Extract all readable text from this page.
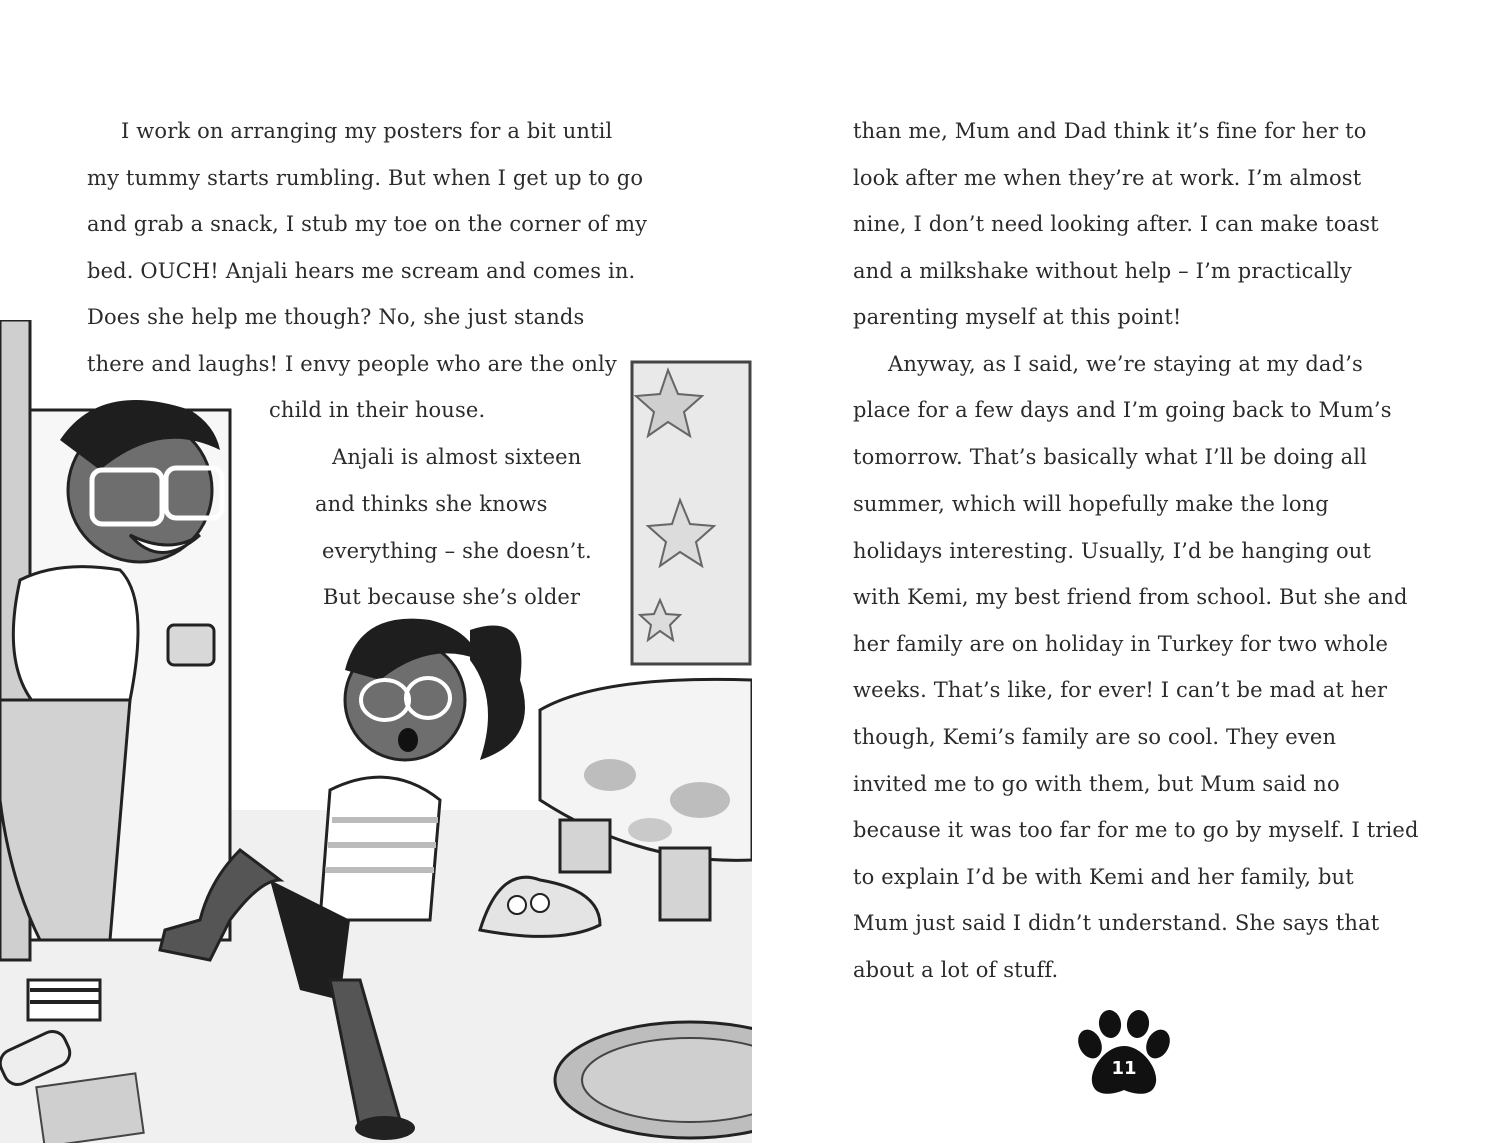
I work on arranging my posters for a bit until
my tummy starts rumbling. But when I get up to go
and grab a snack, I stub my toe on the corner of my
bed. OUCH! Anjali hears me scream and comes in.
Does she help me though? No, she just stands
there and laughs! I envy people who are the only
child in their house.
Anjali is almost sixteen
and thinks she knows
everything – she doesn’t.
But because she’s older
than me, Mum and Dad think it’s fine for her to
look after me when they’re at work. I’m almost
nine, I don’t need looking after. I can make toast
and a milkshake without help – I’m practically
parenting myself at this point!
Anyway, as I said, we’re staying at my dad’s
place for a few days and I’m going back to Mum’s
tomorrow. That’s basically what I’ll be doing all
summer, which will hopefully make the long
holidays interesting. Usually, I’d be hanging out
with Kemi, my best friend from school. But she and
her family are on holiday in Turkey for two whole
weeks. That’s like, for ever! I can’t be mad at her
though, Kemi’s family are so cool. They even
invited me to go with them, but Mum said no
because it was too far for me to go by myself. I tried
to explain I’d be with Kemi and her family, but
Mum just said I didn’t understand. She says that
about a lot of stuff.
11
